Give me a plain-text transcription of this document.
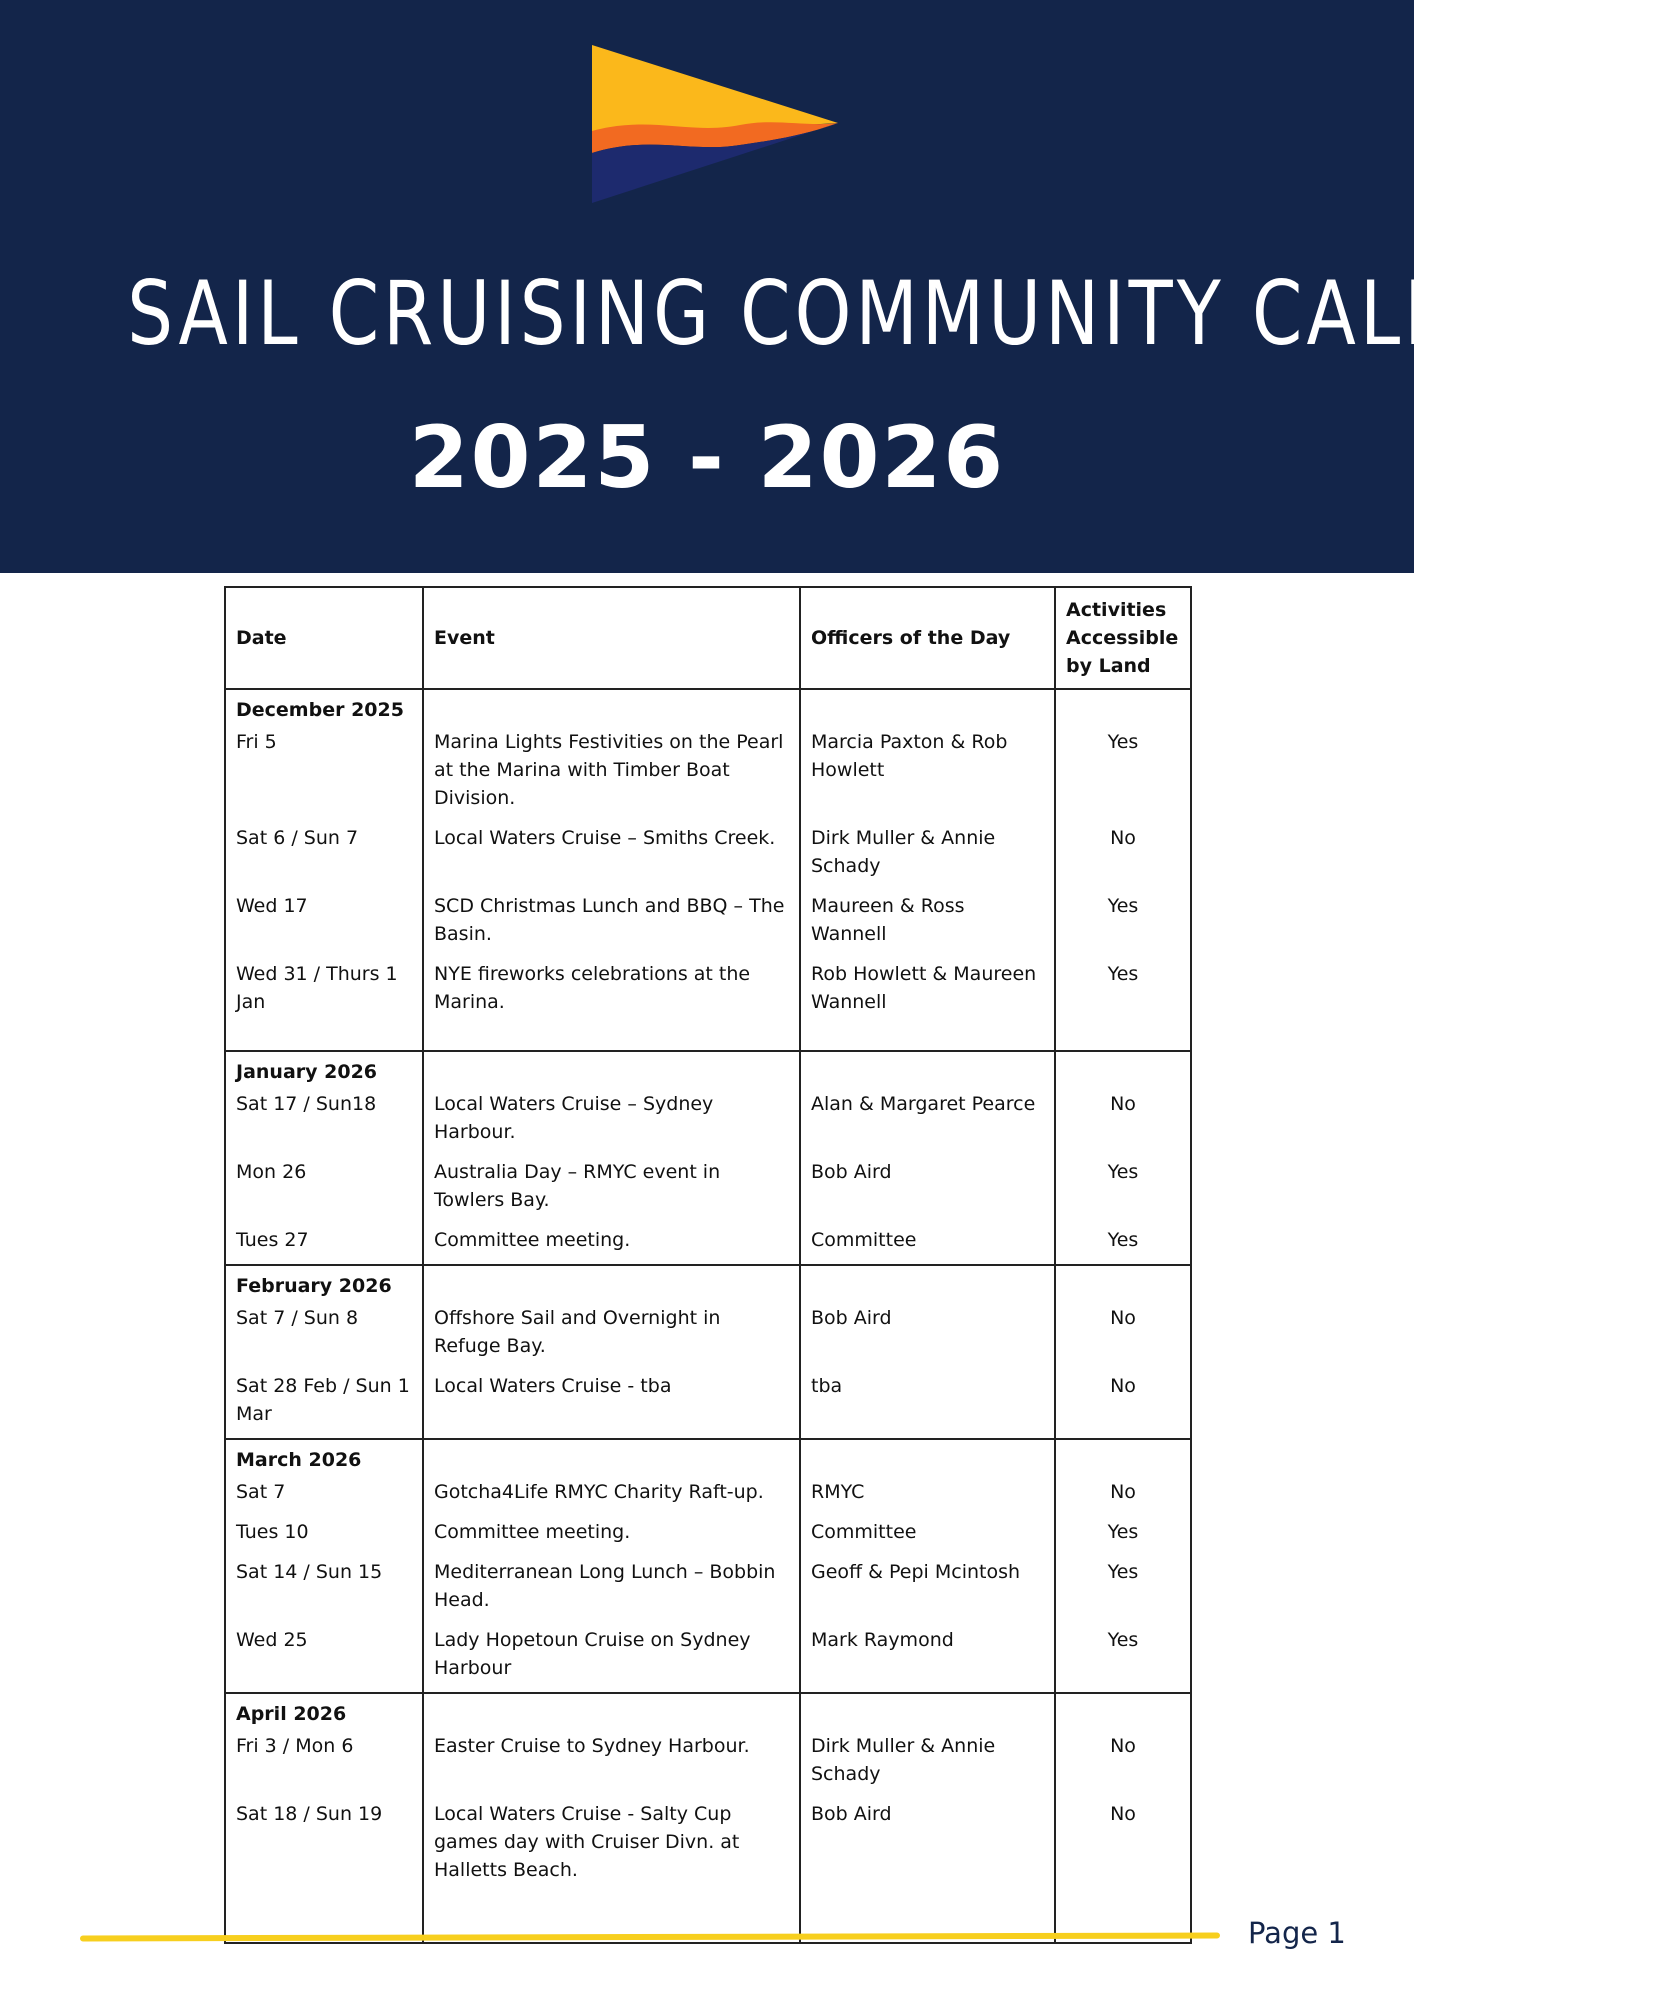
SAIL CRUISING COMMUNITY CALENDAR
2025 - 2026
Date	Event	Officers of the Day	Activities Accessible by Land
December 2025			
Fri 5	Marina Lights Festivities on the Pearl at the Marina with Timber Boat Division.	Marcia Paxton & Rob Howlett	Yes
Sat 6 / Sun 7	Local Waters Cruise – Smiths Creek.	Dirk Muller & Annie Schady	No
Wed 17	SCD Christmas Lunch and BBQ – The Basin.	Maureen & Ross Wannell	Yes
Wed 31 / Thurs 1 Jan	NYE fireworks celebrations at the Marina.	Rob Howlett & Maureen Wannell	Yes

January 2026			
Sat 17 / Sun18	Local Waters Cruise – Sydney Harbour.	Alan & Margaret Pearce	No
Mon 26	Australia Day – RMYC event in Towlers Bay.	Bob Aird	Yes
Tues 27	Committee meeting.	Committee	Yes
February 2026			
Sat 7 / Sun 8	Offshore Sail and Overnight in Refuge Bay.	Bob Aird	No
Sat 28 Feb / Sun 1 Mar	Local Waters Cruise - tba	tba	No
March 2026			
Sat 7	Gotcha4Life RMYC Charity Raft-up.	RMYC	No
Tues 10	Committee meeting.	Committee	Yes
Sat 14 / Sun 15	Mediterranean Long Lunch – Bobbin Head.	Geoff & Pepi Mcintosh	Yes
Wed 25	Lady Hopetoun Cruise on Sydney Harbour	Mark Raymond	Yes
April 2026			
Fri 3 / Mon 6	Easter Cruise to Sydney Harbour.	Dirk Muller & Annie Schady	No
Sat 18 / Sun 19	Local Waters Cruise - Salty Cup games day with Cruiser Divn. at Halletts Beach.	Bob Aird	No

Page 1
